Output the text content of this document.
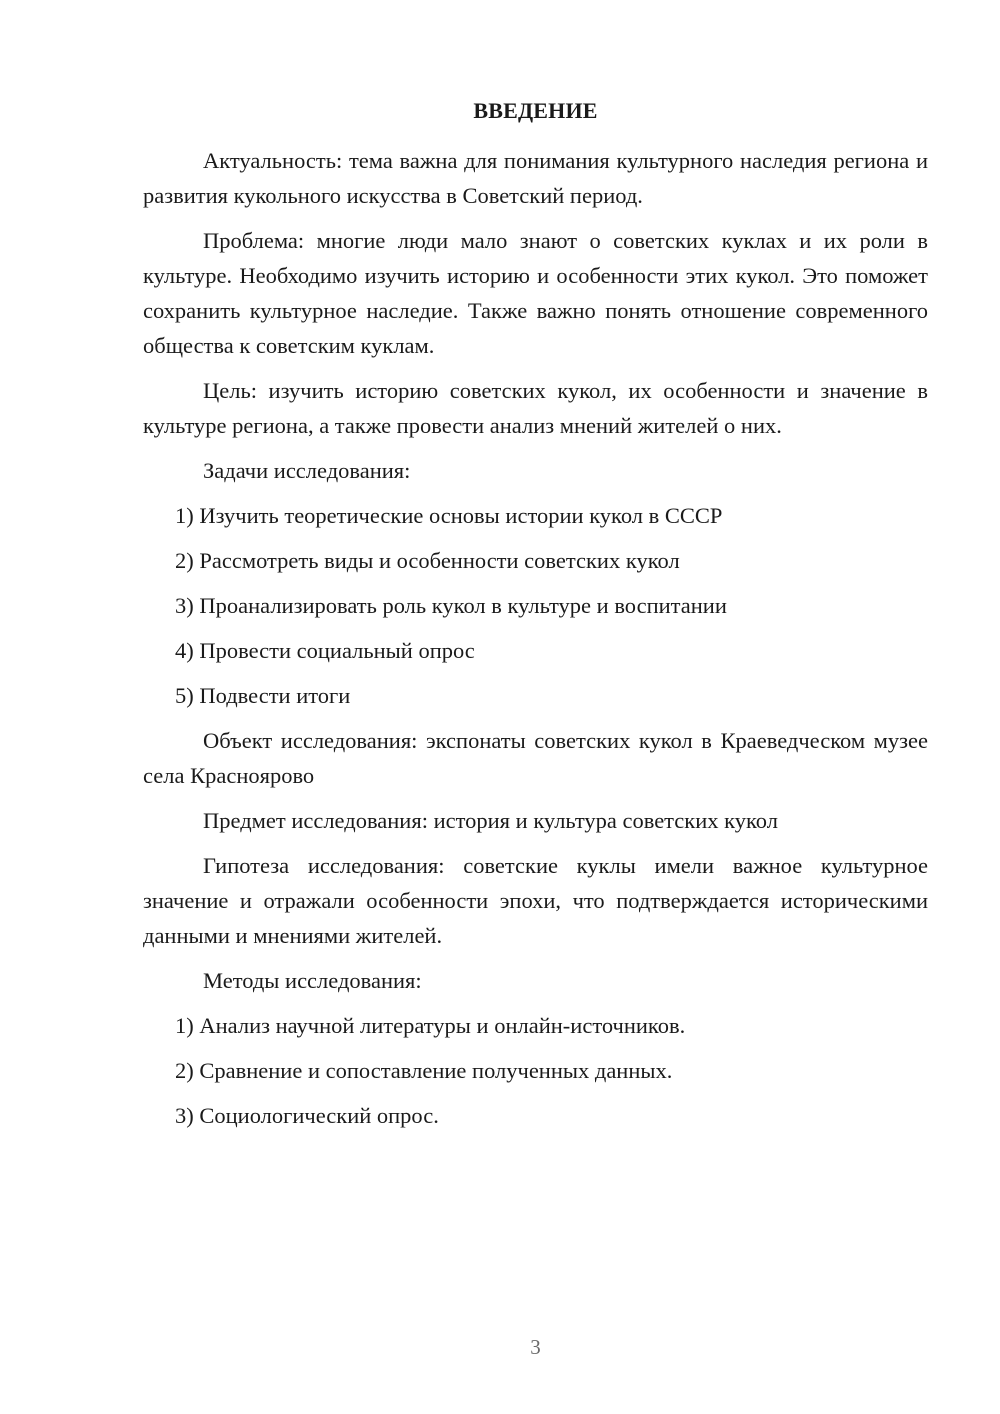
ВВЕДЕНИЕ

Актуальность: тема важна для понимания культурного наследия региона и развития кукольного искусства в Советский период.

Проблема: многие люди мало знают о советских куклах и их роли в культуре. Необходимо изучить историю и особенности этих кукол. Это поможет сохранить культурное наследие. Также важно понять отношение современного общества к советским куклам.

Цель: изучить историю советских кукол, их особенности и значение в культуре региона, а также провести анализ мнений жителей о них.

Задачи исследования:

1) Изучить теоретические основы истории кукол в СССР
2) Рассмотреть виды и особенности советских кукол
3) Проанализировать роль кукол в культуре и воспитании
4) Провести социальный опрос
5) Подвести итоги

Объект исследования: экспонаты советских кукол в Краеведческом музее села Краснoярово

Предмет исследования: история и культура советских кукол

Гипотеза исследования: советские куклы имели важное культурное значение и отражали особенности эпохи, что подтверждается историческими данными и мнениями жителей.

Методы исследования:

1) Анализ научной литературы и онлайн-источников.
2) Сравнение и сопоставление полученных данных.
3) Социологический опрос.
3
